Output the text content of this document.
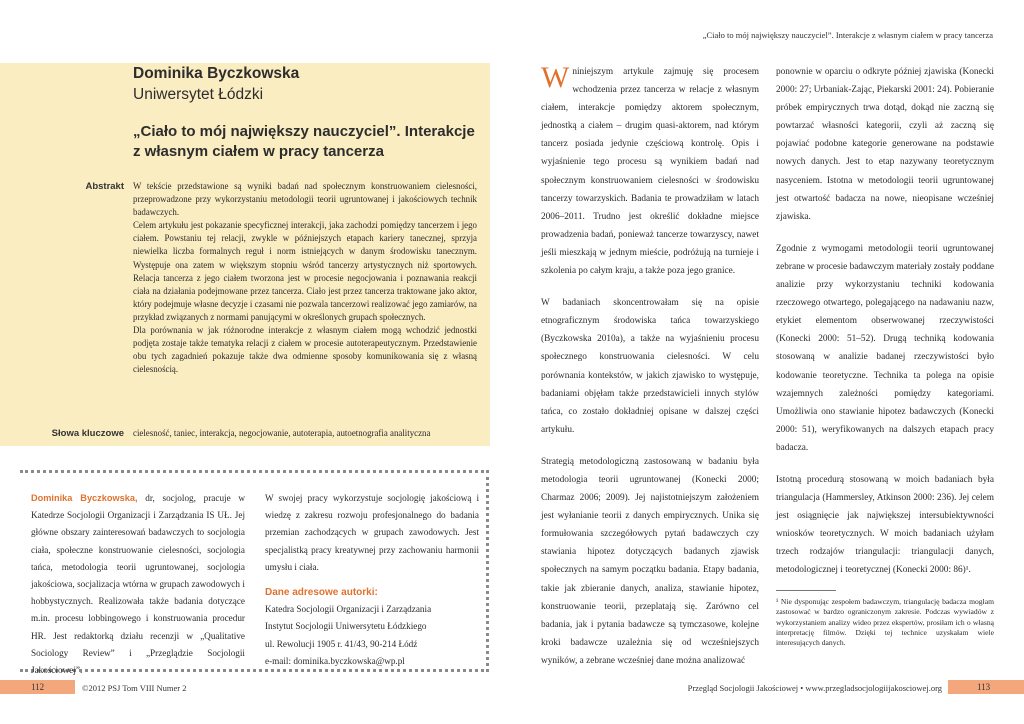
„Ciało to mój największy nauczyciel”. Interakcje z własnym ciałem w pracy tancerza
Dominika Byczkowska
Uniwersytet Łódzki
„Ciało to mój największy nauczyciel”. Interakcje z własnym ciałem w pracy tancerza
Abstrakt W tekście przedstawione są wyniki badań nad społecznym konstruowaniem cielesności, przeprowadzone przy wykorzystaniu metodologii teorii ugruntowanej i jakościowych technik badawczych.

Celem artykułu jest pokazanie specyficznej interakcji, jaka zachodzi pomiędzy tancerzem i jego ciałem. Powstaniu tej relacji, zwykle w późniejszych etapach kariery tanecznej, sprzyja niewielka liczba formalnych reguł i norm istniejących w danym środowisku tanecznym. Występuje ona zatem w większym stopniu wśród tancerzy artystycznych niż sportowych. Relacja tancerza z jego ciałem tworzona jest w procesie negocjowania i poznawania reakcji ciała na działania podejmowane przez tancerza. Ciało jest przez tancerza traktowane jako aktor, który podejmuje własne decyzje i czasami nie pozwala tancerzowi realizować jego zamiarów, na przykład związanych z normami panującymi w określonych grupach społecznych.

Dla porównania w jak różnorodne interakcje z własnym ciałem mogą wchodzić jednostki podjęta zostaje także tematyka relacji z ciałem w procesie autoterapeutycznym. Przedstawienie obu tych zagadnień pokazuje także dwa odmienne sposoby komunikowania się z własną cielesnością.

Słowa kluczowe cielesność, taniec, interakcja, negocjowanie, autoterapia, autoetnografia analityczna

Dominika Byczkowska, dr, socjolog, pracuje w Katedrze Socjologii Organizacji i Zarządzania IS UŁ. Jej główne obszary zainteresowań badawczych to socjologia ciała, społeczne konstruowanie cielesności, socjologia tańca, metodologia teorii ugruntowanej, socjologia jakościowa, socjalizacja wtórna w grupach zawodowych i hobbystycznych. Realizowała także badania dotyczące m.in. procesu lobbingowego i konstruowania procedur HR. Jest redaktorką działu recenzji w „Qualitative Sociology Review” i „Przeglądzie Socjologii Jakościowej”.

W swojej pracy wykorzystuje socjologię jakościową i wiedzę z zakresu rozwoju profesjonalnego do badania przemian zachodzących w grupach zawodowych. Jest specjalistką pracy kreatywnej przy zachowaniu harmonii umysłu i ciała.

Dane adresowe autorki:

Katedra Socjologii Organizacji i Zarządzania

Instytut Socjologii Uniwersytetu Łódzkiego

ul. Rewolucji 1905 r. 41/43, 90-214 Łódź

e-mail: dominika.byczkowska@wp.pl

Wniniejszym artykule zajmuję się procesem wchodzenia przez tancerza w relacje z własnym ciałem, interakcje pomiędzy aktorem społecznym, jednostką a ciałem – drugim quasi-aktorem, nad którym tancerz posiada jedynie częściową kontrolę. Opis i wyjaśnienie tego procesu są wynikiem badań nad społecznym konstruowaniem cielesności w środowisku tancerzy towarzyskich. Badania te prowadziłam w latach 2006–2011. Trudno jest określić dokładne miejsce prowadzenia badań, ponieważ tancerze towarzyscy, nawet jeśli mieszkają w jednym mieście, podróżują na turnieje i szkolenia po całym kraju, a także poza jego granice.

W badaniach skoncentrowałam się na opisie etnograficznym środowiska tańca towarzyskiego (Byczkowska 2010a), a także na wyjaśnieniu procesu społecznego konstruowania cielesności. W celu porównania kontekstów, w jakich zjawisko to występuje, badaniami objęłam także przedstawicieli innych stylów tańca, co zostało dokładniej opisane w dalszej części artykułu.

Strategią metodologiczną zastosowaną w badaniu była metodologia teorii ugruntowanej (Konecki 2000; Charmaz 2006; 2009). Jej najistotniejszym założeniem jest wyłanianie teorii z danych empirycznych. Unika się formułowania szczegółowych pytań badawczych czy stawiania hipotez dotyczących badanych zjawisk społecznych na samym początku badania. Etapy badania, takie jak zbieranie danych, analiza, stawianie hipotez, konstruowanie teorii, przeplatają się. Zarówno cel badania, jak i pytania badawcze są tymczasowe, kolejne kroki badawcze uzależnia się od wcześniejszych wyników, a zebrane wcześniej dane można analizować

ponownie w oparciu o odkryte później zjawiska (Konecki 2000: 27; Urbaniak-Zając, Piekarski 2001: 24). Pobieranie próbek empirycznych trwa dotąd, dokąd nie zaczną się powtarzać własności kategorii, czyli aż zaczną się pojawiać podobne kategorie generowane na podstawie nowych danych. Jest to etap nazywany teoretycznym nasyceniem. Istotna w metodologii teorii ugruntowanej jest otwartość badacza na nowe, nieopisane wcześniej zjawiska.

Zgodnie z wymogami metodologii teorii ugruntowanej zebrane w procesie badawczym materiały zostały poddane analizie przy wykorzystaniu techniki kodowania rzeczowego otwartego, polegającego na nadawaniu nazw, etykiet elementom obserwowanej rzeczywistości (Konecki 2000: 51–52). Drugą techniką kodowania stosowaną w analizie badanej rzeczywistości było kodowanie teoretyczne. Technika ta polega na opisie wzajemnych zależności pomiędzy kategoriami. Umożliwia ono stawianie hipotez badawczych (Konecki 2000: 51), weryfikowanych na dalszych etapach pracy badacza.

Istotną procedurą stosowaną w moich badaniach była triangulacja (Hammersley, Atkinson 2000: 236). Jej celem jest osiągnięcie jak największej intersubiektywności wniosków teoretycznych. W moich badaniach użyłam trzech rodzajów triangulacji: triangulacji danych, metodologicznej i teoretycznej (Konecki 2000: 86)¹.

¹ Nie dysponując zespołem badawczym, triangulację badacza mogłam zastosować w bardzo ograniczonym zakresie. Podczas wywiadów z wykorzystaniem analizy wideo przez ekspertów, prosiłam ich o własną interpretację filmów. Dzięki tej technice uzyskałam wiele interesujących danych.
112	©2012 PSJ Tom VIII Numer 2	Przegląd Socjologii Jakościowej • www.przegladsocjologiijakosciowej.org	113
